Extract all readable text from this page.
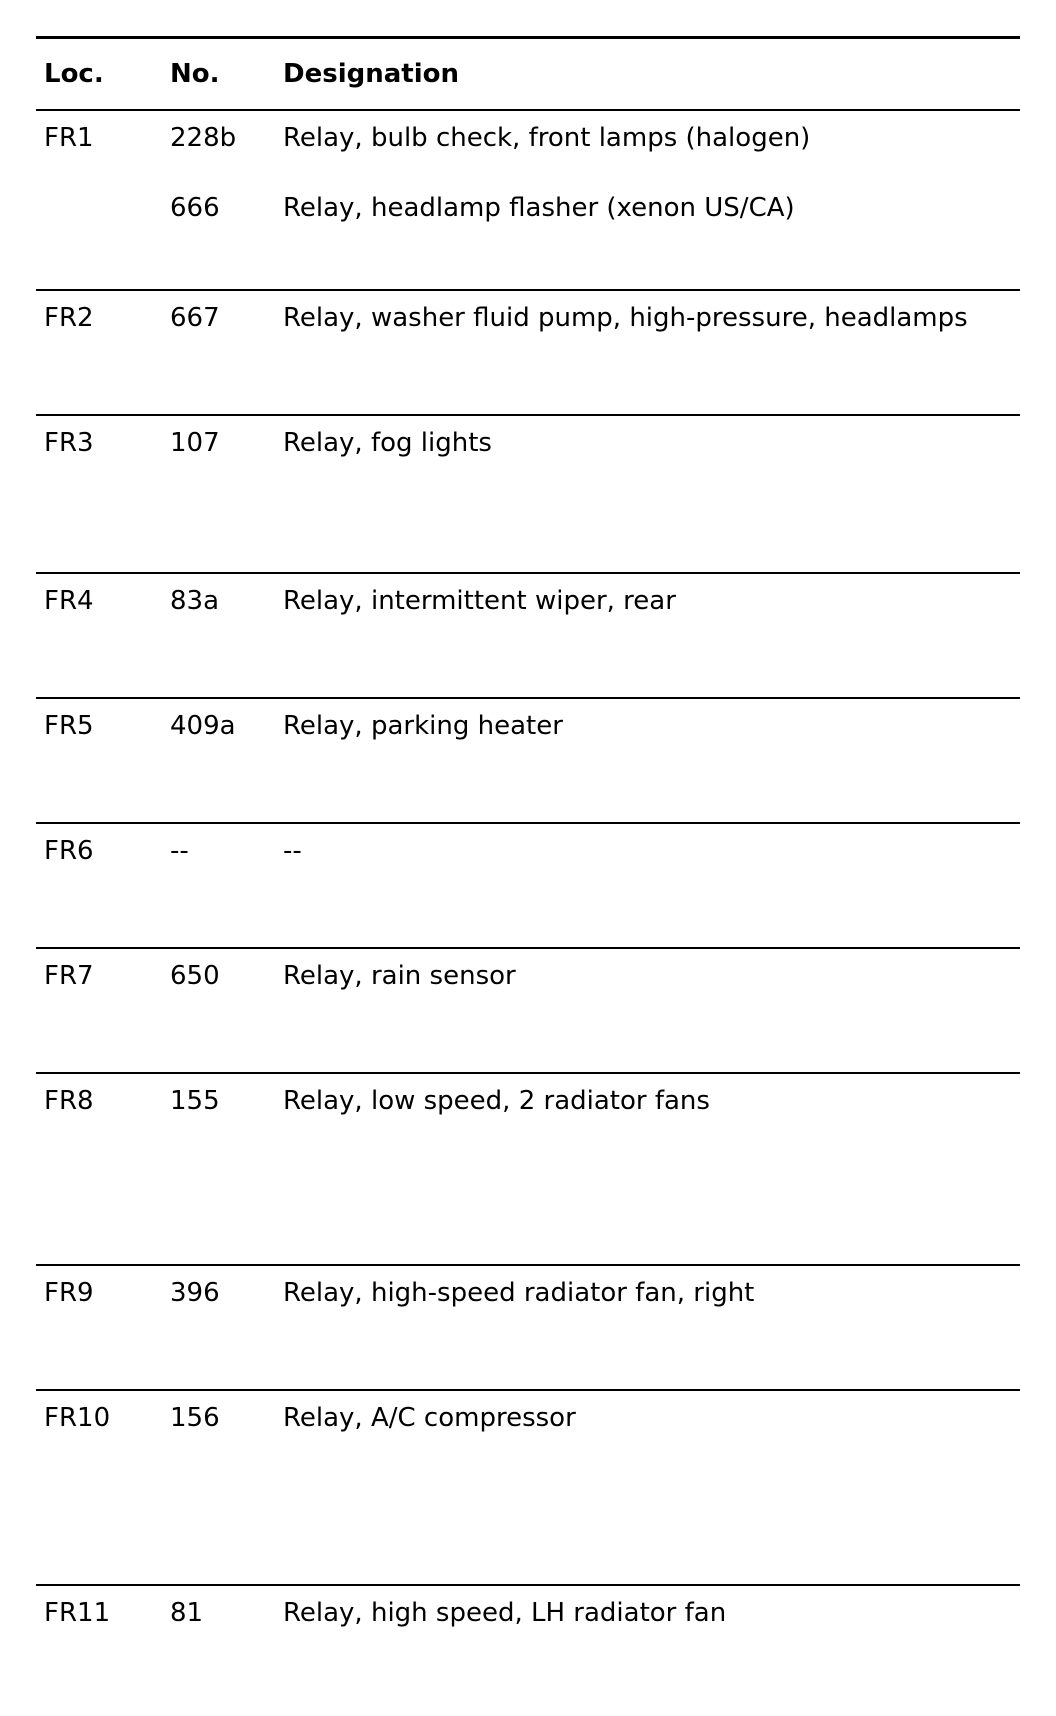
Loc.	No. Designation
FR1	228b Relay, bulb check, front lamps (halogen)
666 Relay, headlamp flasher (xenon US/CA)
FR2	667 Relay, washer fluid pump, high-pressure, headlamps
FR3	107 Relay, fog lights
FR4	83a Relay, intermittent wiper, rear
FR5	409a Relay, parking heater
FR6	--	--
FR7	650 Relay, rain sensor
FR8	155 Relay, low speed, 2 radiator fans
FR9	396 Relay, high-speed radiator fan, right
FR10 156 Relay, A/C compressor
FR11 81	Relay, high speed, LH radiator fan
